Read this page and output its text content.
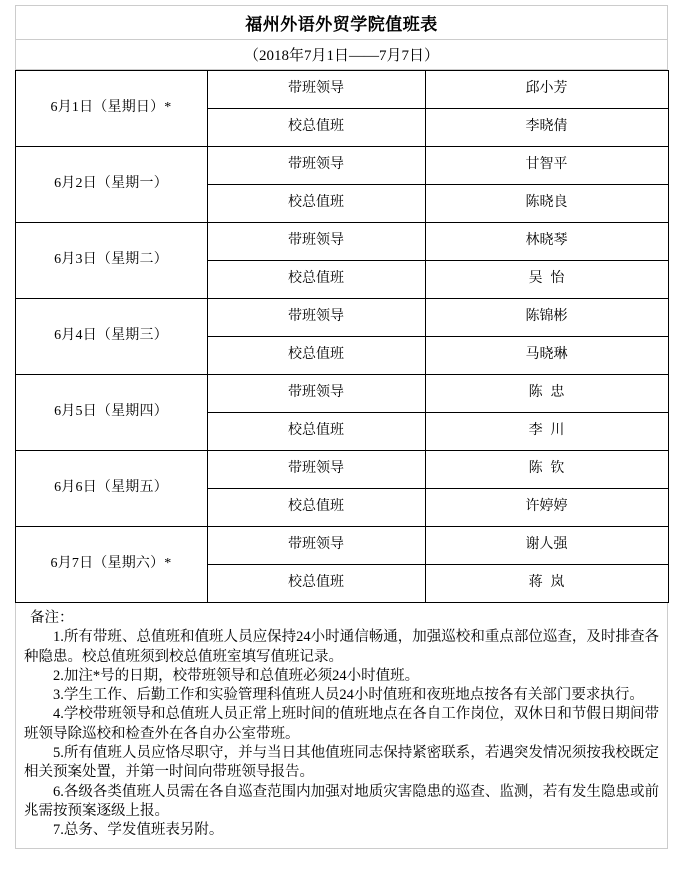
福州外语外贸学院值班表
（2018年7月1日——7月7日）
6月1日（星期日）*	带班领导	邱小芳
	校总值班	李晓倩
6月2日（星期一）	带班领导	甘智平
	校总值班	陈晓良
6月3日（星期二）	带班领导	林晓琴
	校总值班	吴怡
6月4日（星期三）	带班领导	陈锦彬
	校总值班	马晓琳
6月5日（星期四）	带班领导	陈忠
	校总值班	李川
6月6日（星期五）	带班领导	陈钦
	校总值班	许婷婷
6月7日（星期六）*	带班领导	谢人强
	校总值班	蒋岚

备注：

1.所有带班、总值班和值班人员应保持24小时通信畅通，加强巡校和重点部位巡查，及时排查各种隐患。校总值班须到校总值班室填写值班记录。

2.加注*号的日期，校带班领导和总值班必须24小时值班。

3.学生工作、后勤工作和实验管理科值班人员24小时值班和夜班地点按各有关部门要求执行。

4.学校带班领导和总值班人员正常上班时间的值班地点在各自工作岗位，双休日和节假日期间带班领导除巡校和检查外在各自办公室带班。

5.所有值班人员应恪尽职守，并与当日其他值班同志保持紧密联系，若遇突发情况须按我校既定相关预案处置，并第一时间向带班领导报告。

6.各级各类值班人员需在各自巡查范围内加强对地质灾害隐患的巡查、监测，若有发生隐患或前兆需按预案逐级上报。

7.总务、学发值班表另附。
